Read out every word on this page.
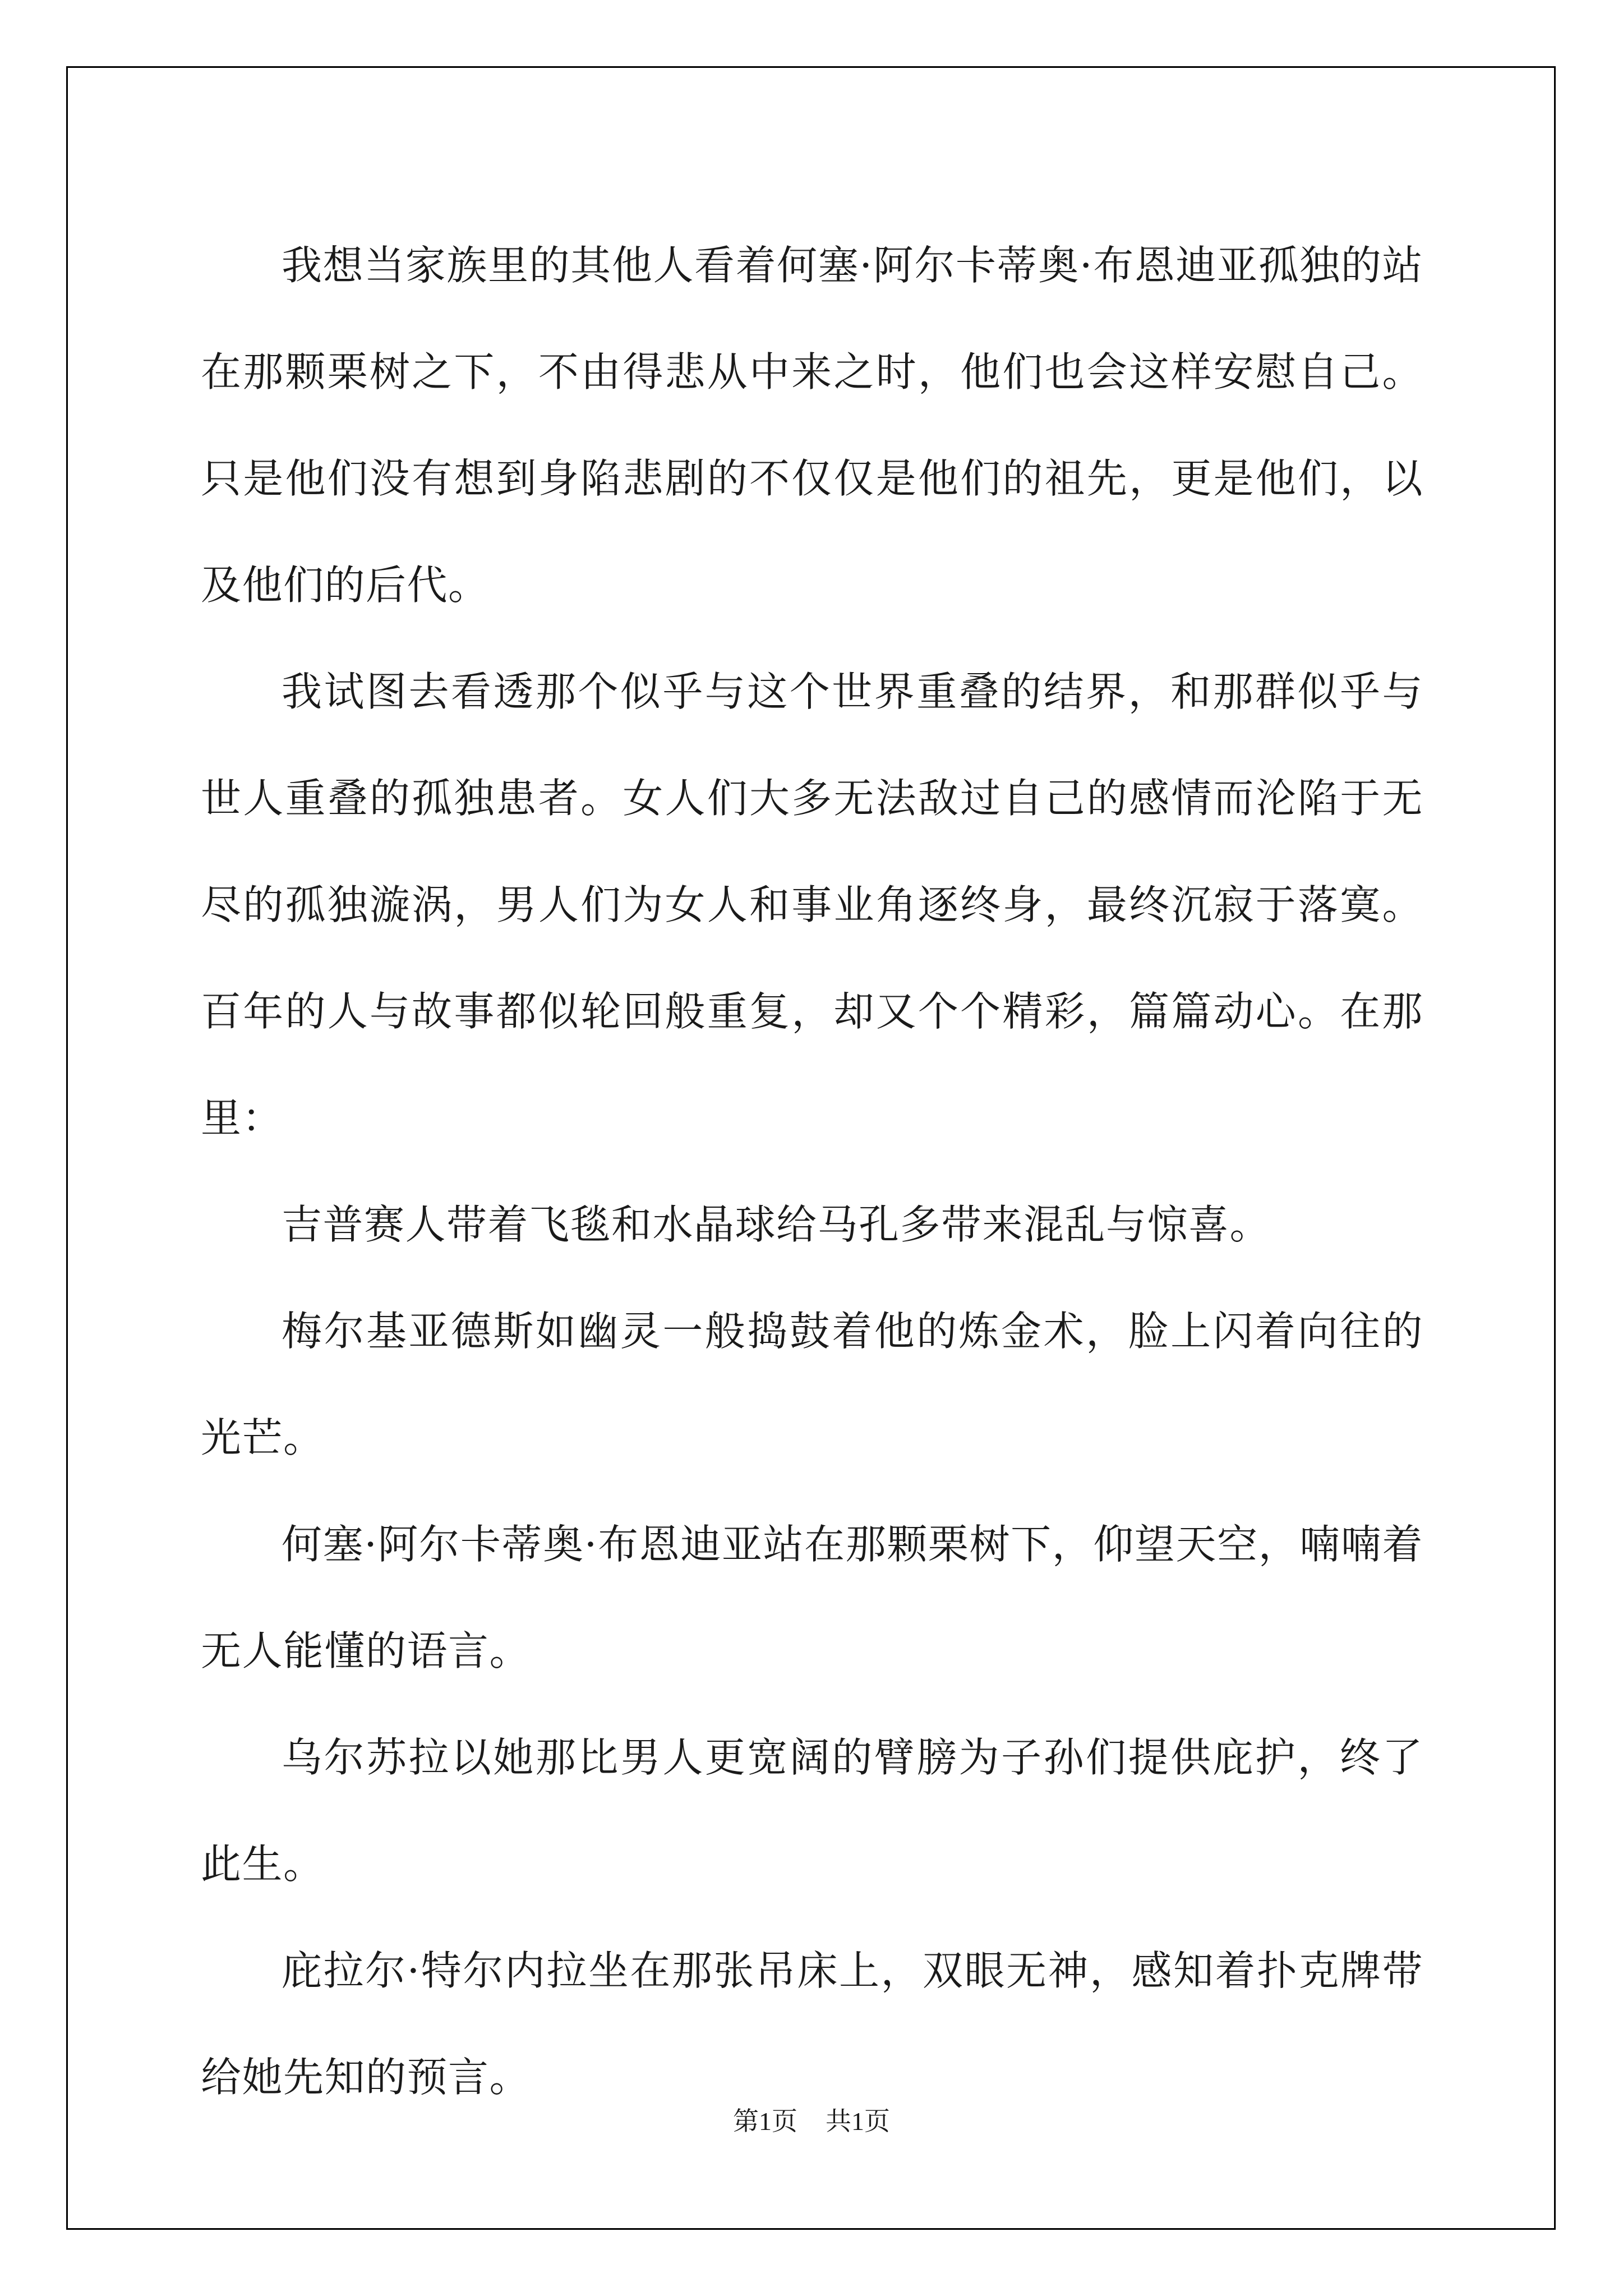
我想当家族里的其他人看着何塞·阿尔卡蒂奥·布恩迪亚孤独的站在那颗栗树之下，不由得悲从中来之时，他们也会这样安慰自己。只是他们没有想到身陷悲剧的不仅仅是他们的祖先，更是他们，以及他们的后代。

我试图去看透那个似乎与这个世界重叠的结界，和那群似乎与世人重叠的孤独患者。女人们大多无法敌过自己的感情而沦陷于无尽的孤独漩涡，男人们为女人和事业角逐终身，最终沉寂于落寞。百年的人与故事都似轮回般重复，却又个个精彩，篇篇动心。在那里：

吉普赛人带着飞毯和水晶球给马孔多带来混乱与惊喜。

梅尔基亚德斯如幽灵一般捣鼓着他的炼金术，脸上闪着向往的光芒。

何塞·阿尔卡蒂奥·布恩迪亚站在那颗栗树下，仰望天空，喃喃着无人能懂的语言。

乌尔苏拉以她那比男人更宽阔的臂膀为子孙们提供庇护，终了此生。

庇拉尔·特尔内拉坐在那张吊床上，双眼无神，感知着扑克牌带给她先知的预言。

第1页 共1页
